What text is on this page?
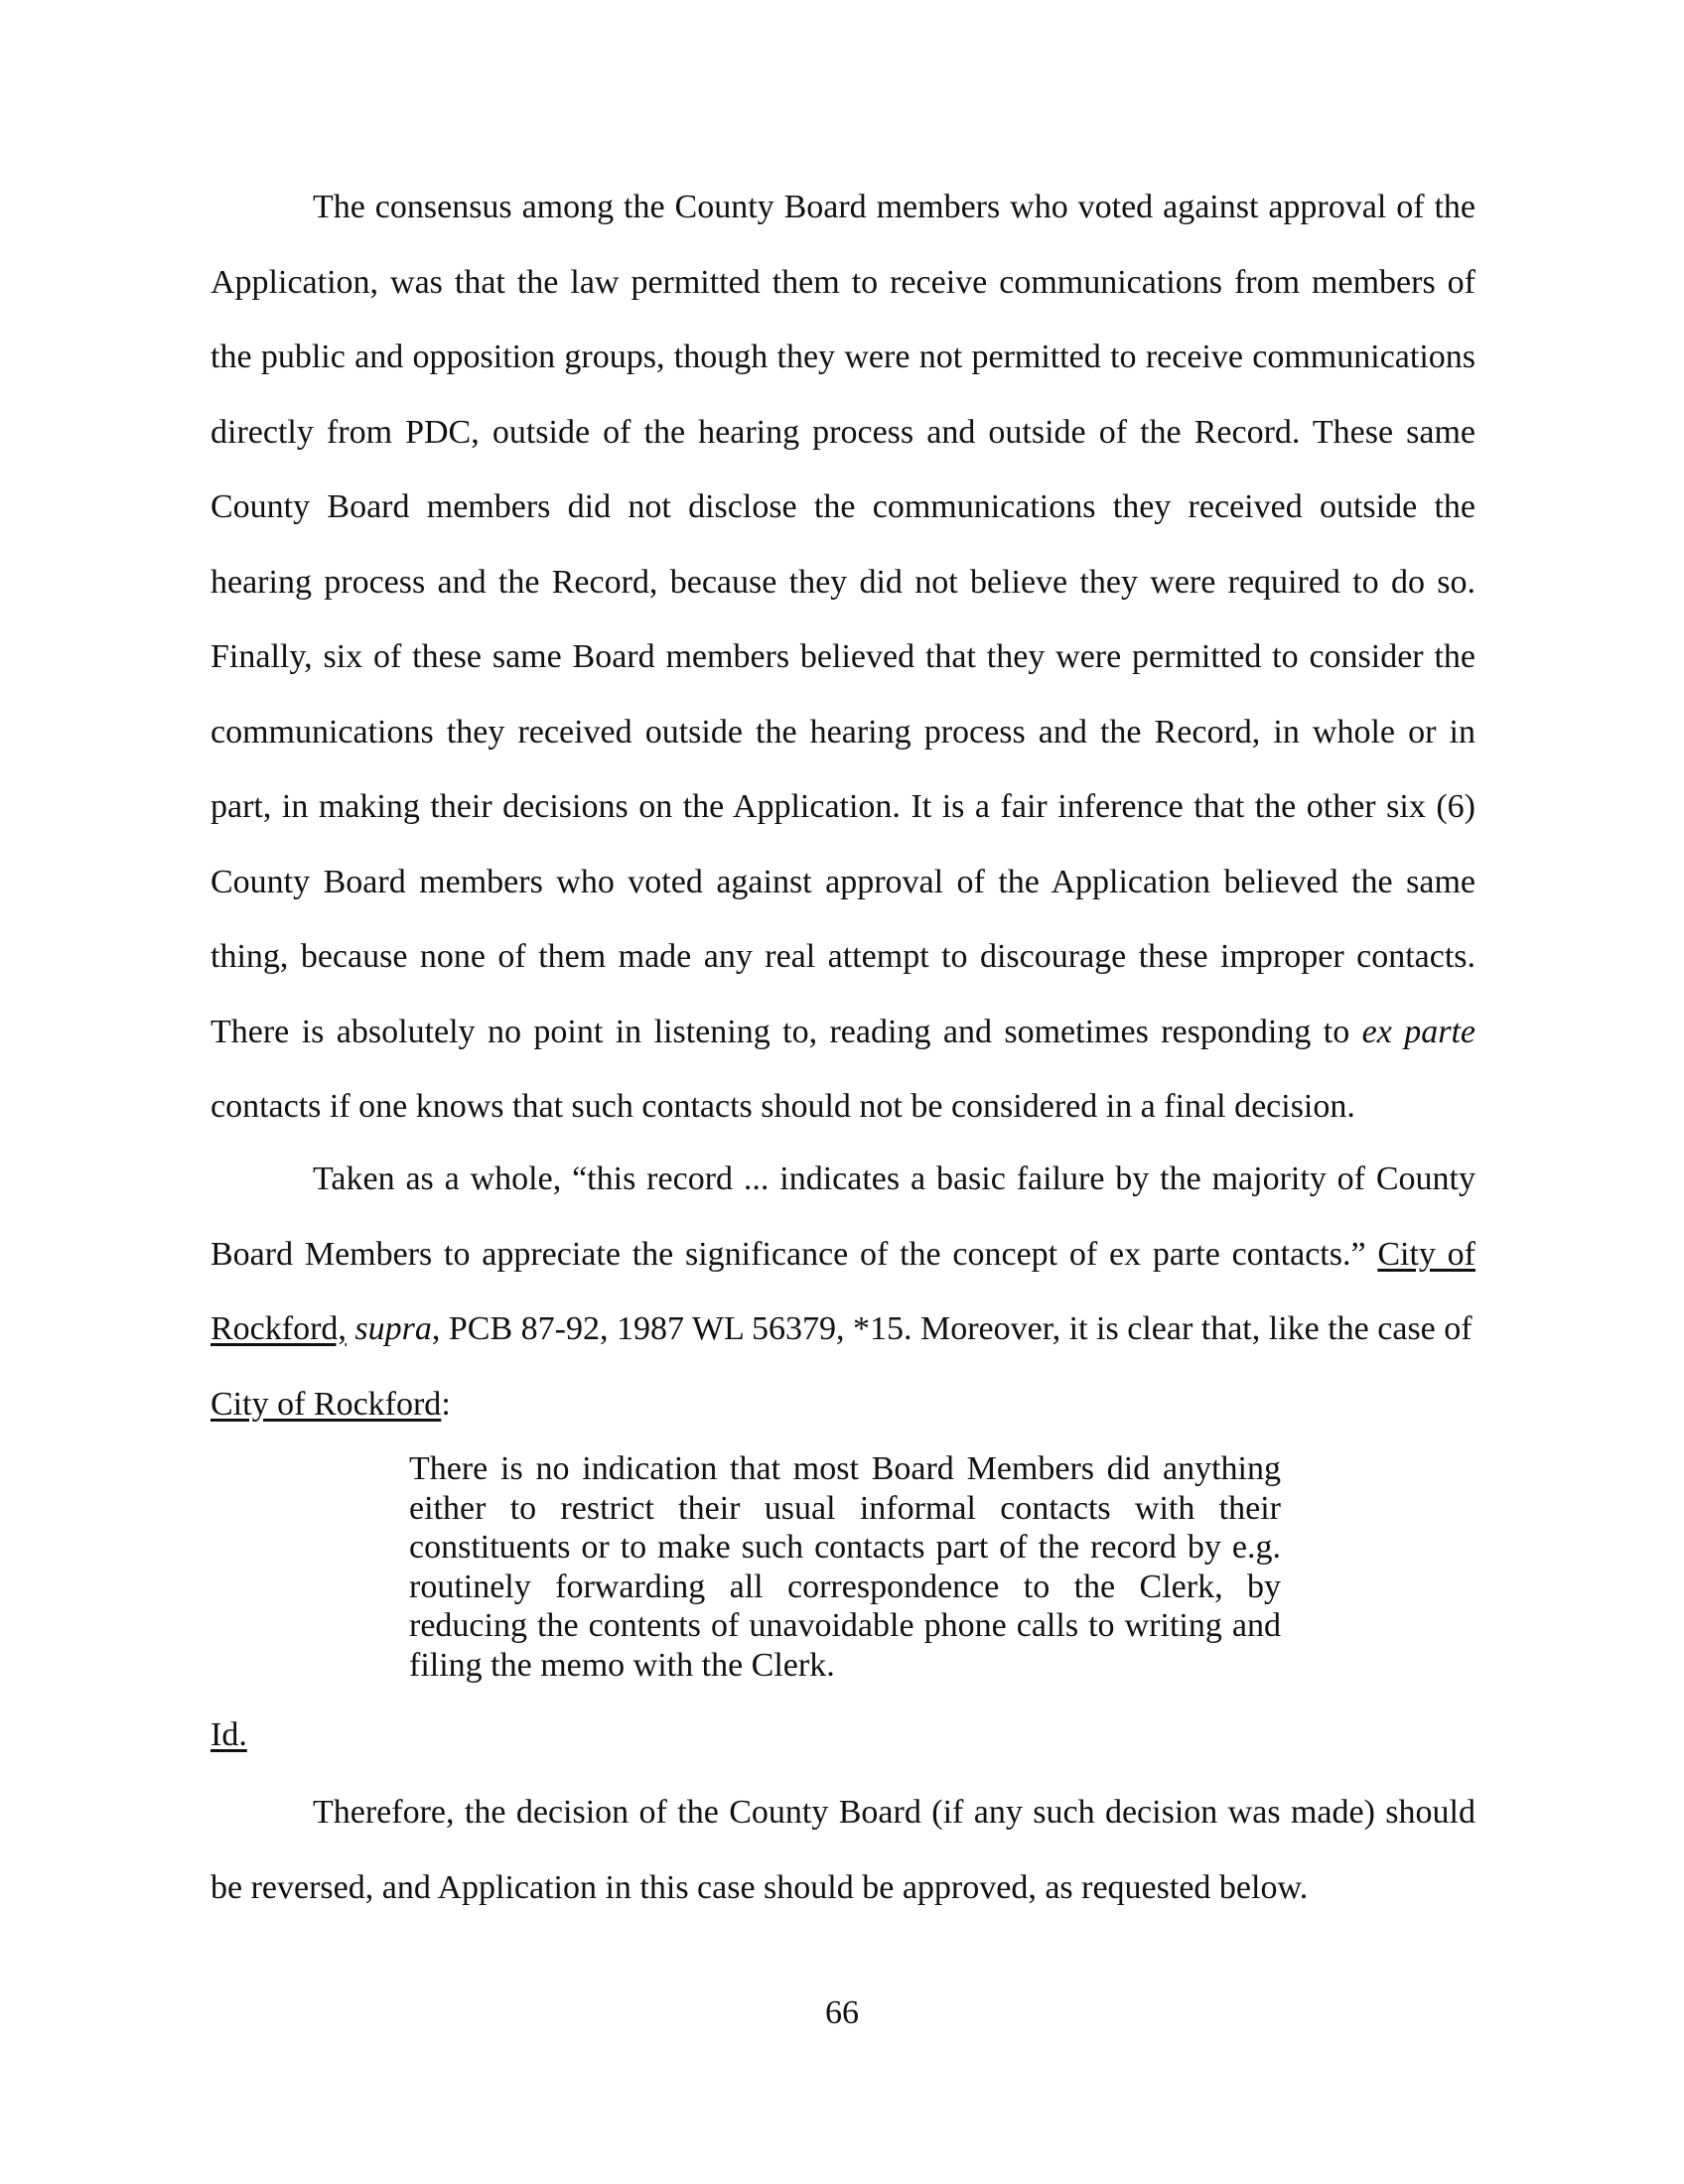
The consensus among the County Board members who voted against approval of the Application, was that the law permitted them to receive communications from members of the public and opposition groups, though they were not permitted to receive communications directly from PDC, outside of the hearing process and outside of the Record. These same County Board members did not disclose the communications they received outside the hearing process and the Record, because they did not believe they were required to do so. Finally, six of these same Board members believed that they were permitted to consider the communications they received outside the hearing process and the Record, in whole or in part, in making their decisions on the Application. It is a fair inference that the other six (6) County Board members who voted against approval of the Application believed the same thing, because none of them made any real attempt to discourage these improper contacts. There is absolutely no point in listening to, reading and sometimes responding to ex parte contacts if one knows that such contacts should not be considered in a final decision.

Taken as a whole, “this record ... indicates a basic failure by the majority of County Board Members to appreciate the significance of the concept of ex parte contacts.” City of Rockford, supra, PCB 87-92, 1987 WL 56379, *15. Moreover, it is clear that, like the case of
City of Rockford:

There is no indication that most Board Members did anything either to restrict their usual informal contacts with their constituents or to make such contacts part of the record by e.g. routinely forwarding all correspondence to the Clerk, by reducing the contents of unavoidable phone calls to writing and filing the memo with the Clerk.

Id.

Therefore, the decision of the County Board (if any such decision was made) should be reversed, and Application in this case should be approved, as requested below.

66
